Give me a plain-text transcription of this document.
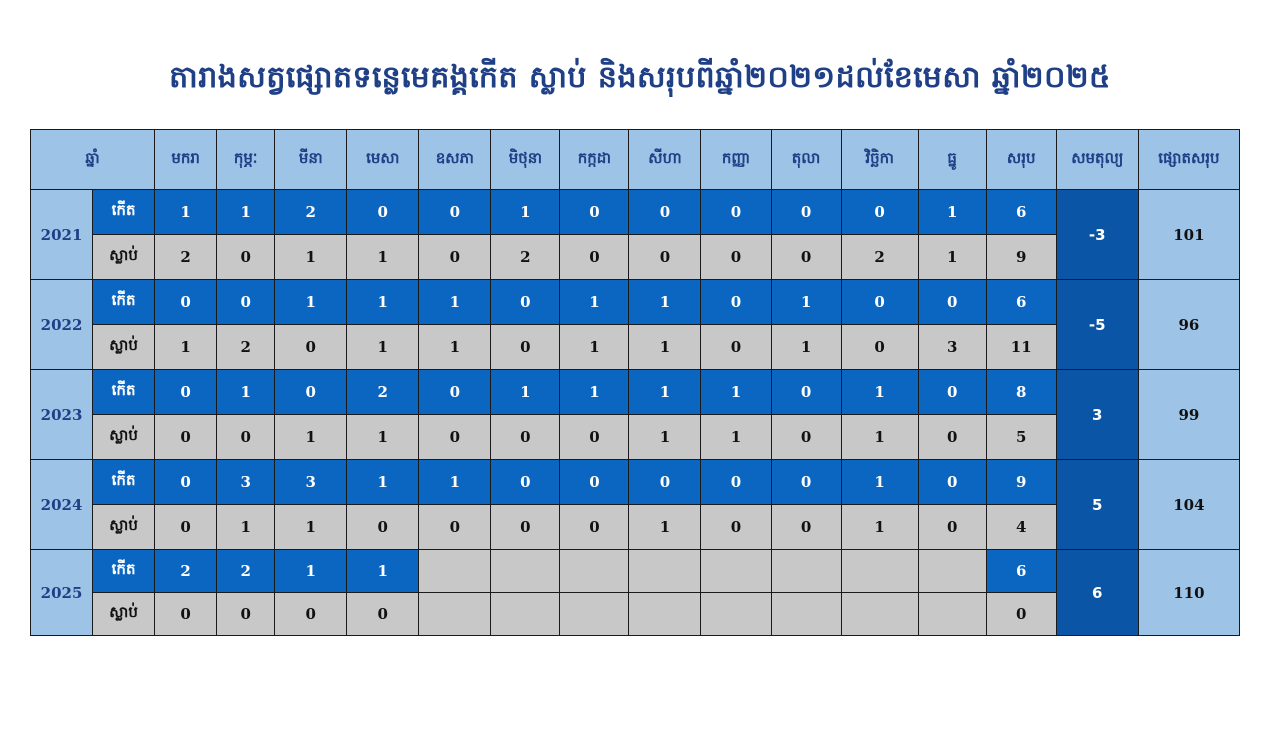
តារាងសត្វផ្សោតទន្លេមេគង្គកើត ស្លាប់ និងសរុបពីឆ្នាំ២០២១ដល់ខែមេសា ឆ្នាំ២០២៥
ឆ្នាំ		មករា	កុម្ភៈ	មីនា	មេសា	ឧសភា	មិថុនា	កក្កដា	សីហា	កញ្ញា	តុលា	វិច្ឆិកា	ធ្នូ	សរុប	សមតុល្យ	ផ្សោតសរុប
2021	កើត	1	1	2	0	0	1	0	0	0	0	0	1	6	-3	101
	ស្លាប់	2	0	1	1	0	2	0	0	0	0	2	1	9		
2022	កើត	0	0	1	1	1	0	1	1	0	1	0	0	6	-5	96
	ស្លាប់	1	2	0	1	1	0	1	1	0	1	0	3	11		
2023	កើត	0	1	0	2	0	1	1	1	1	0	1	0	8	3	99
	ស្លាប់	0	0	1	1	0	0	0	1	1	0	1	0	5		
2024	កើត	0	3	3	1	1	0	0	0	0	0	1	0	9	5	104
	ស្លាប់	0	1	1	0	0	0	0	1	0	0	1	0	4		
2025	កើត	2	2	1	1									6	6	110
	ស្លាប់	0	0	0	0									0		
